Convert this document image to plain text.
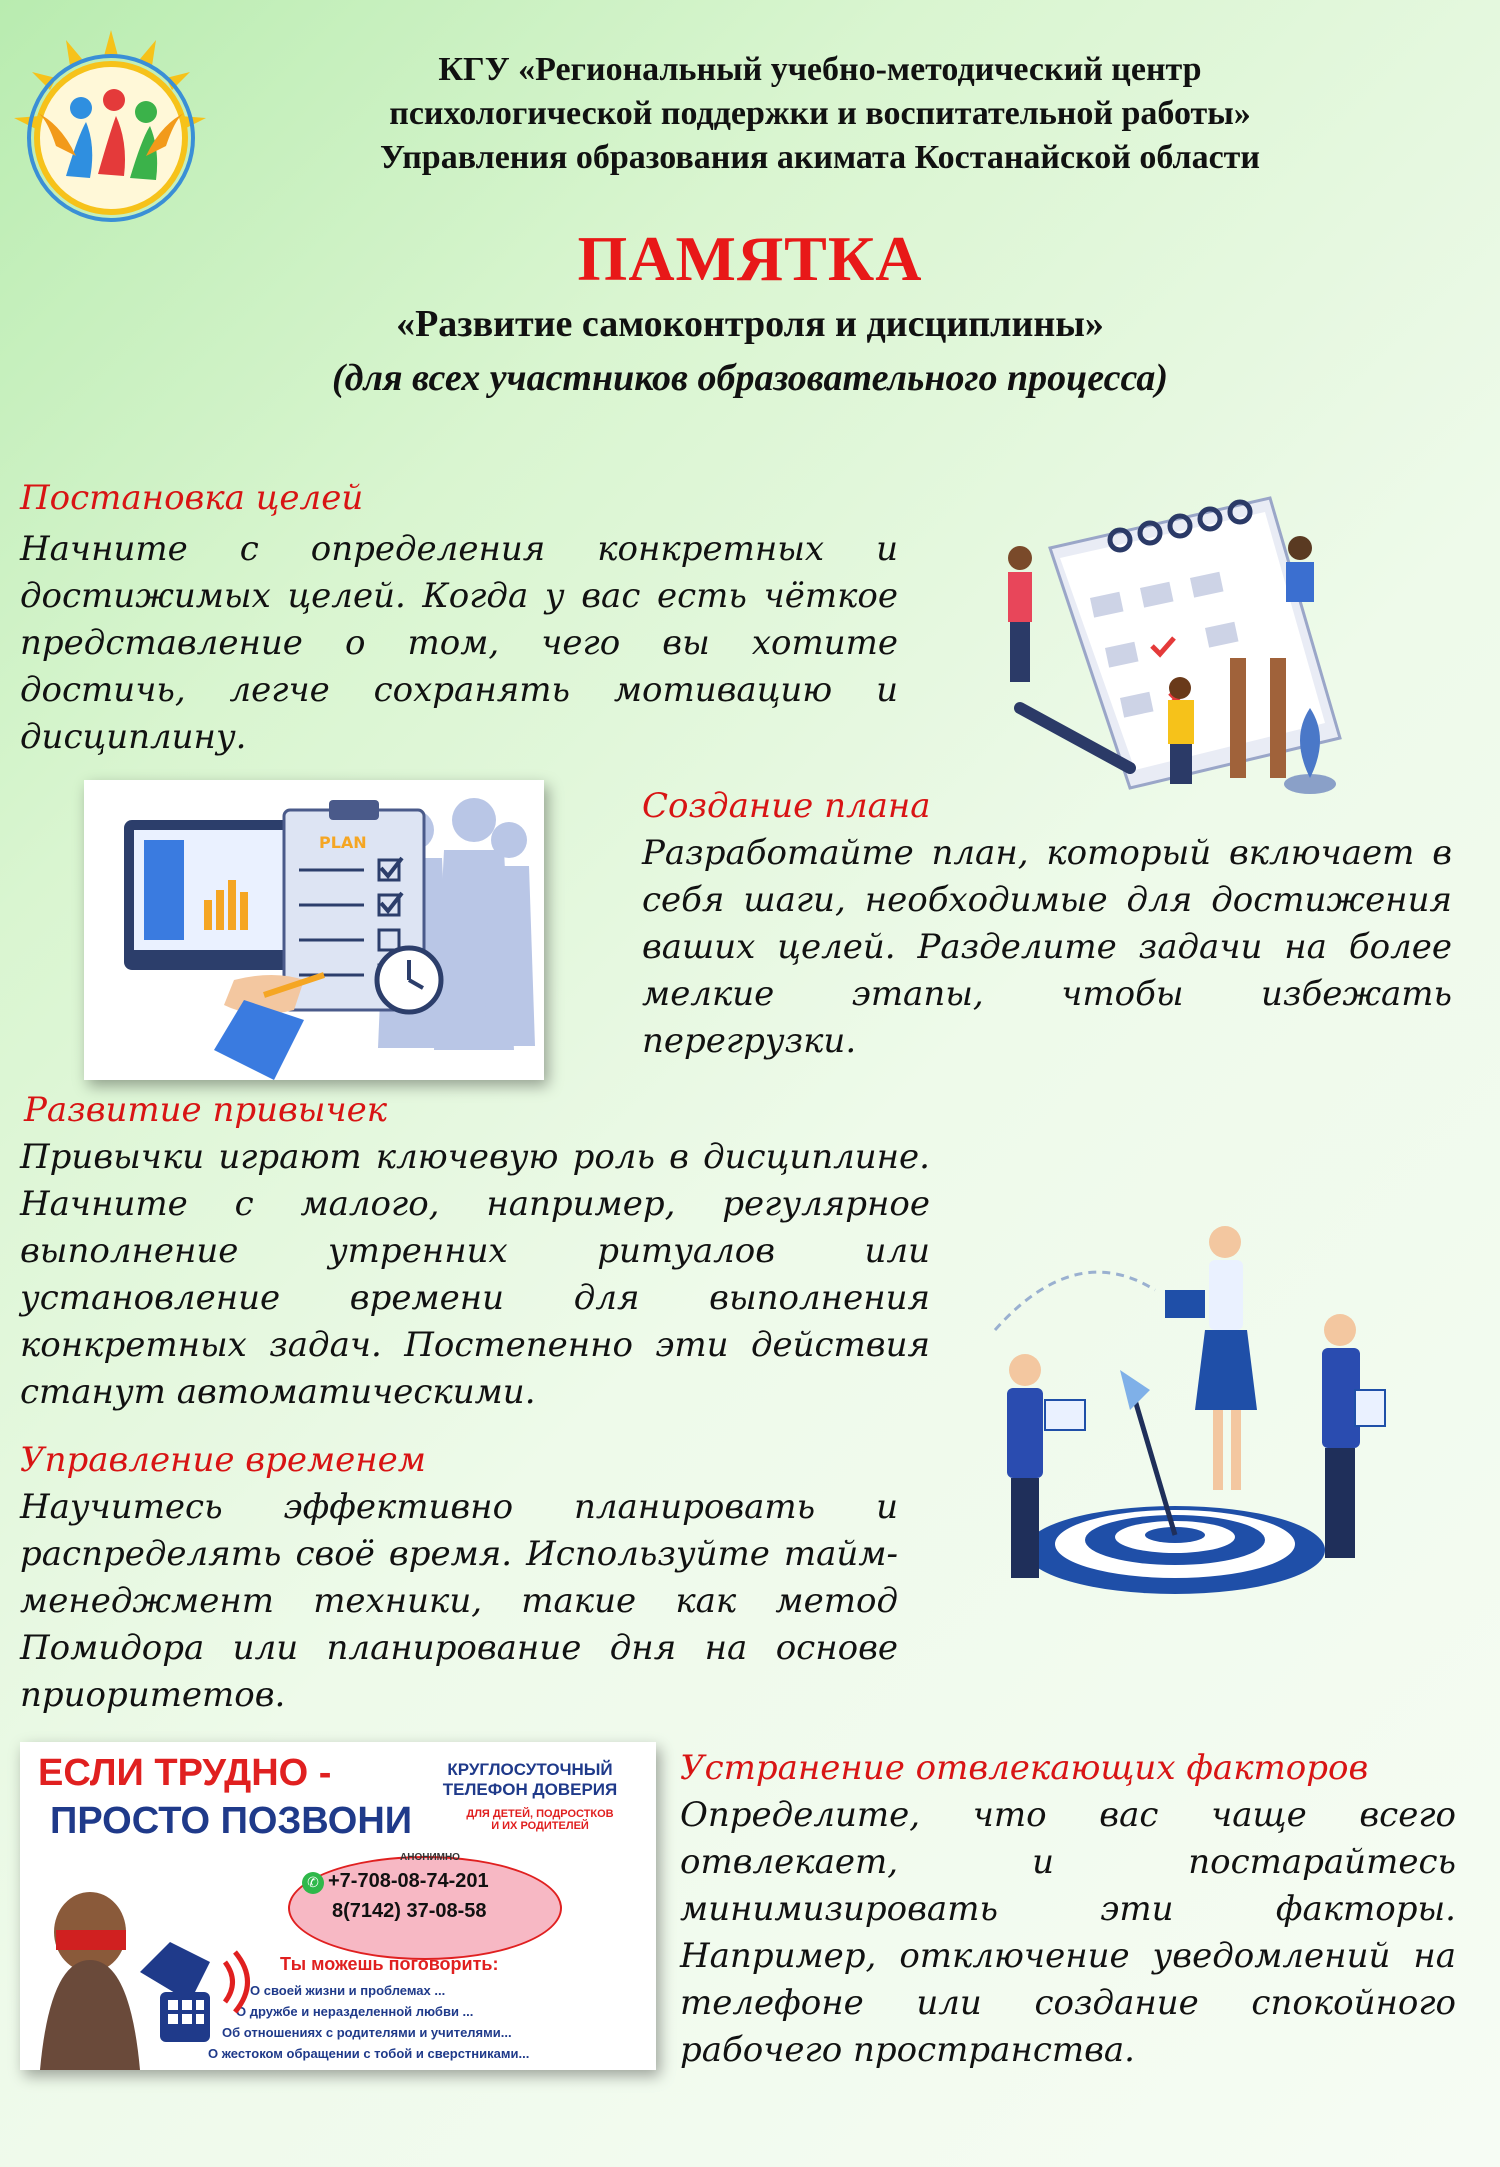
КГУ «Региональный учебно-методический центр
психологической поддержки и воспитательной работы»
Управления образования акимата Костанайской области
ПАМЯТКА
«Развитие самоконтроля и дисциплины»
(для всех участников образовательного процесса)
Постановка целей
Начните с определения конкретных и достижимых целей. Когда у вас есть чёткое представление о том, чего вы хотите достичь, легче сохранять мотивацию и дисциплину.
PLAN
Создание плана
Разработайте план, который включает в себя шаги, необходимые для достижения ваших целей. Разделите задачи на более мелкие этапы, чтобы избежать перегрузки.
Развитие привычек
Привычки играют ключевую роль в дисциплине. Начните с малого, например, регулярное выполнение утренних ритуалов или установление времени для выполнения конкретных задач. Постепенно эти действия станут автоматическими.
Управление временем
Научитесь эффективно планировать и распределять своё время. Используйте тайм-менеджмент техники, такие как метод Помидора или планирование дня на основе приоритетов.
ЕСЛИ ТРУДНО -
ПРОСТО ПОЗВОНИ
КРУГЛОСУТОЧНЫЙ
ТЕЛЕФОН ДОВЕРИЯ
ДЛЯ ДЕТЕЙ, ПОДРОСТКОВ
И ИХ РОДИТЕЛЕЙ
АНОНИМНО
✆ +7-708-08-74-201
8(7142) 37-08-58
Ты можешь поговорить:
О своей жизни и проблемах ...
О дружбе и неразделенной любви ...
Об отношениях с родителями и учителями...
О жестоком обращении с тобой и сверстниками...
Устранение отвлекающих факторов
Определите, что вас чаще всего отвлекает, и постарайтесь минимизировать эти факторы. Например, отключение уведомлений на телефоне или создание спокойного рабочего пространства.
